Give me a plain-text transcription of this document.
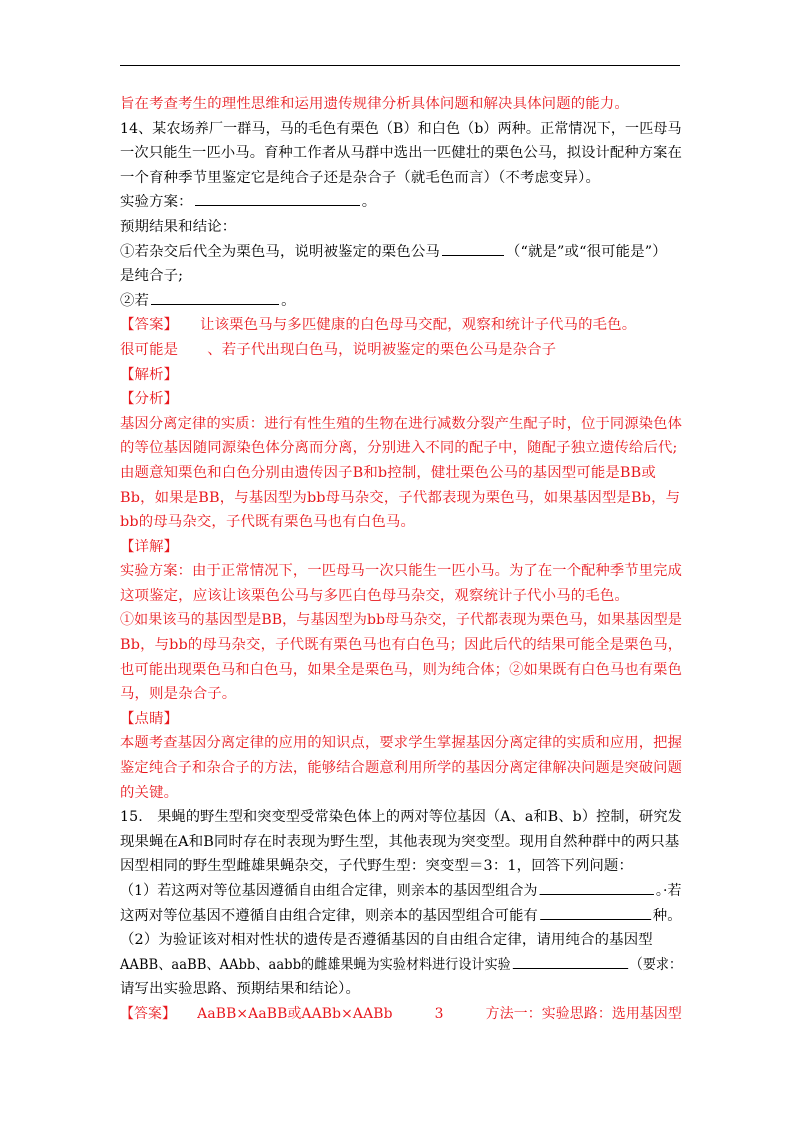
旨在考查考生的理性思维和运用遗传规律分析具体问题和解决具体问题的能力。
14、某农场养厂一群马，马的毛色有栗色（B）和白色（b）两种。正常情况下，一匹母马
一次只能生一匹小马。育种工作者从马群中选出一匹健壮的栗色公马，拟设计配种方案在
一个育种季节里鉴定它是纯合子还是杂合子（就毛色而言）（不考虑变异）。
实验方案：	。
预期结果和结论：
①若杂交后代全为栗色马，说明被鉴定的栗色公马	（“就是”或“很可能是”）
是纯合子;
②若	。
【答案】　　让该栗色马与多匹健康的白色母马交配，观察和统计子代马的毛色。
很可能是　　、若子代出现白色马，说明被鉴定的栗色公马是杂合子
【解析】
【分析】
基因分离定律的实质：进行有性生殖的生物在进行减数分裂产生配子时，位于同源染色体
的等位基因随同源染色体分离而分离，分别进入不同的配子中，随配子独立遗传给后代;
由题意知栗色和白色分别由遗传因子B和b控制，健壮栗色公马的基因型可能是BB或
Bb，如果是BB，与基因型为bb母马杂交，子代都表现为栗色马，如果基因型是Bb，与
bb的母马杂交，子代既有栗色马也有白色马。
【详解】
实验方案：由于正常情况下，一匹母马一次只能生一匹小马。为了在一个配种季节里完成
这项鉴定，应该让该栗色公马与多匹白色母马杂交，观察统计子代小马的毛色。
①如果该马的基因型是BB，与基因型为bb母马杂交，子代都表现为栗色马，如果基因型是
Bb，与bb的母马杂交，子代既有栗色马也有白色马；因此后代的结果可能全是栗色马，
也可能出现栗色马和白色马，如果全是栗色马，则为纯合体；②如果既有白色马也有栗色
马，则是杂合子。
【点睛】
本题考查基因分离定律的应用的知识点，要求学生掌握基因分离定律的实质和应用，把握
鉴定纯合子和杂合子的方法，能够结合题意利用所学的基因分离定律解决问题是突破问题
的关键。
15.　果蝇的野生型和突变型受常染色体上的两对等位基因（A、a和B、b）控制，研究发
现果蝇在A和B同时存在时表现为野生型，其他表现为突变型。现用自然种群中的两只基
因型相同的野生型雌雄果蝇杂交，子代野生型：突变型＝3：1，回答下列问题：
（1）若这两对等位基因遵循自由组合定律，则亲本的基因型组合为	。·若
这两对等位基因不遵循自由组合定律，则亲本的基因型组合可能有	种。
（2）为验证该对相对性状的遗传是否遵循基因的自由组合定律，请用纯合的基因型
AABB、aaBB、AAbb、aabb的雌雄果蝇为实验材料进行设计实验	（要求：
请写出实验思路、预期结果和结论）。
【答案】　　AaBB×AaBB或AABb×AABb　　　3　　　方法一：实验思路：选用基因型
